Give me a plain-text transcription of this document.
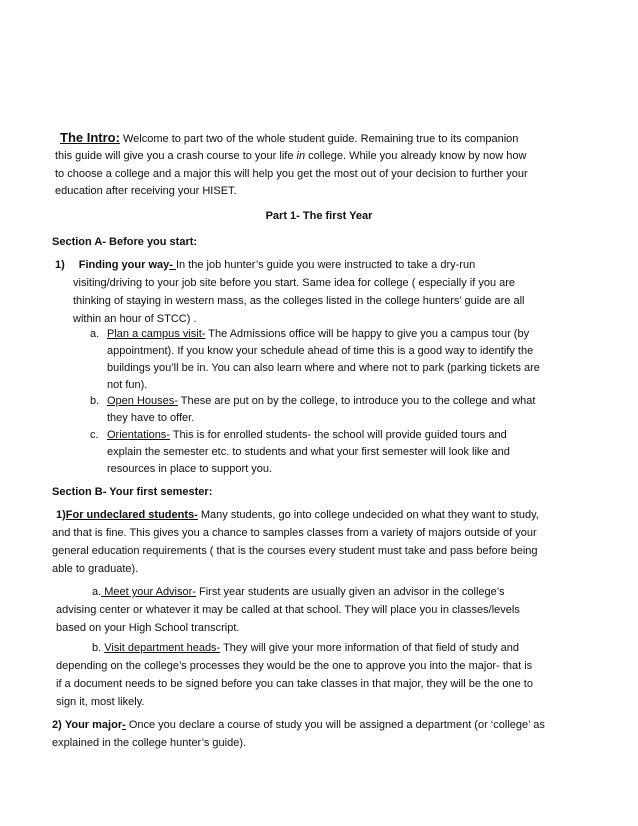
The Intro: Welcome to part two of the whole student guide. Remaining true to its companion
this guide will give you a crash course to your life in college. While you already know by now how
to choose a college and a major this will help you get the most out of your decision to further your
education after receiving your HISET.
Part 1- The first Year
Section A- Before you start:
1) Finding your way- In the job hunter’s guide you were instructed to take a dry-run
visiting/driving to your job site before you start. Same idea for college ( especially if you are
thinking of staying in western mass, as the colleges listed in the college hunters’ guide are all
within an hour of STCC) .
a. Plan a campus visit- The Admissions office will be happy to give you a campus tour (by
appointment). If you know your schedule ahead of time this is a good way to identify the
buildings you’ll be in. You can also learn where and where not to park (parking tickets are
not fun).
b. Open Houses- These are put on by the college, to introduce you to the college and what
they have to offer.
c. Orientations- This is for enrolled students- the school will provide guided tours and
explain the semester etc. to students and what your first semester will look like and
resources in place to support you.
Section B- Your first semester:
1)For undeclared students- Many students, go into college undecided on what they want to study,
and that is fine. This gives you a chance to samples classes from a variety of majors outside of your
general education requirements ( that is the courses every student must take and pass before being
able to graduate).
a. Meet your Advisor- First year students are usually given an advisor in the college’s
advising center or whatever it may be called at that school. They will place you in classes/levels
based on your High School transcript.
b. Visit department heads- They will give your more information of that field of study and
depending on the college’s processes they would be the one to approve you into the major- that is
if a document needs to be signed before you can take classes in that major, they will be the one to
sign it, most likely.
2) Your major- Once you declare a course of study you will be assigned a department (or ‘college’ as
explained in the college hunter’s guide).
